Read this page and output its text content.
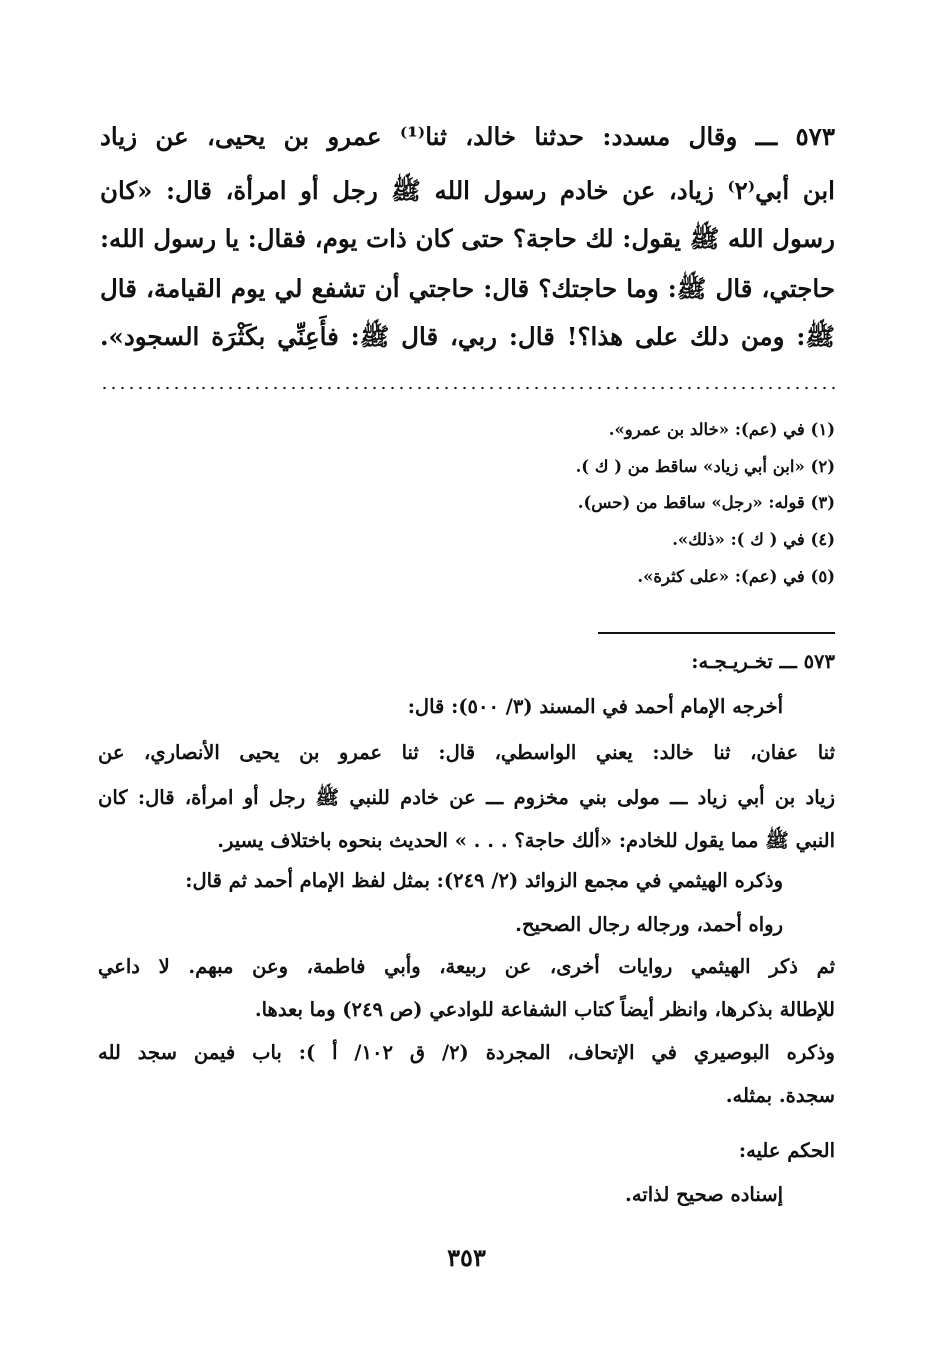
٥٧٣ ـــ وقال مسدد: حدثنا خالد، ثنا⁽¹⁾ عمرو بن يحيى، عن زياد
ابن أبي⁽٢⁾ زياد، عن خادم رسول الله ﷺ رجل أو امرأة، قال: «كان
رسول الله ﷺ يقول: لك حاجة؟ حتى كان ذات يوم، فقال: يا رسول الله:
حاجتي، قال ﷺ: وما حاجتك؟ قال: حاجتي أن تشفع لي يوم القيامة، قال
ﷺ: ومن دلك على هذا؟! قال: ربي، قال ﷺ: فأَعِنِّي بكَثْرَة السجود».
(١) في (عم): «خالد بن عمرو».
(٢) «ابن أبي زياد» ساقط من ( ك ).
(٣) قوله: «رجل» ساقط من (حس).
(٤) في ( ك ): «ذلك».
(٥) في (عم): «على كثرة».
٥٧٣ ـــ تخـريـجـه:
أخرجه الإمام أحمد في المسند (٣/ ٥٠٠): قال:
ثنا عفان، ثنا خالد: يعني الواسطي، قال: ثنا عمرو بن يحيى الأنصاري، عن
زياد بن أبي زياد ـــ مولى بني مخزوم ـــ عن خادم للنبي ﷺ رجل أو امرأة، قال: كان
النبي ﷺ مما يقول للخادم: «ألك حاجة؟ . . . » الحديث بنحوه باختلاف يسير.
وذكره الهيثمي في مجمع الزوائد (٢/ ٢٤٩): بمثل لفظ الإمام أحمد ثم قال:
رواه أحمد، ورجاله رجال الصحيح.
ثم ذكر الهيثمي روايات أخرى، عن ربيعة، وأبي فاطمة، وعن مبهم. لا داعي
للإطالة بذكرها، وانظر أيضاً كتاب الشفاعة للوادعي (ص ٢٤٩) وما بعدها.
وذكره البوصيري في الإتحاف، المجردة (٢/ ق ١٠٢/ أ ): باب فيمن سجد لله
سجدة. بمثله.
الحكم عليه:
إسناده صحيح لذاته.
٣٥٣
